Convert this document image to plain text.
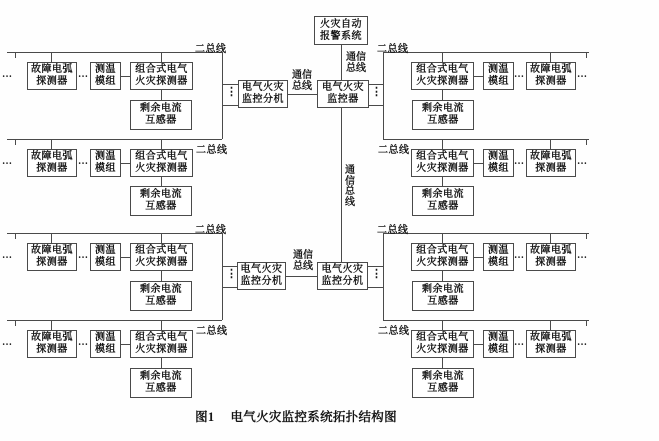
火灾自动
报警系统
通信
总线
电气火灾
监控器
电气火灾
监控分机
通信
总线
通
信
总
线
电气火灾
监控分机
电气火灾
监控分机
通信
总线
⋮	⋮
⋮	⋮
二总线
… 故障电弧
探测器
… 测温
模组
组合式电气
火灾探测器
剩余电流
互感器
二总线
… 故障电弧
探测器
… 测温
模组
组合式电气
火灾探测器
剩余电流
互感器
二总线
… 故障电弧
探测器
… 测温
模组
组合式电气
火灾探测器
剩余电流
互感器
二总线
… 故障电弧
探测器
… 测温
模组
组合式电气
火灾探测器
剩余电流
互感器
二总线
组合式电气
火灾探测器
测温
模组
… 故障电弧
探测器
…
剩余电流
互感器
二总线
组合式电气
火灾探测器
测温
模组
… 故障电弧
探测器
…
剩余电流
互感器
二总线
组合式电气
火灾探测器
测温
模组
… 故障电弧
探测器
…
剩余电流
互感器
二总线
组合式电气
火灾探测器
测温
模组
… 故障电弧
探测器
…
剩余电流
互感器
图1 电气火灾监控系统拓扑结构图
